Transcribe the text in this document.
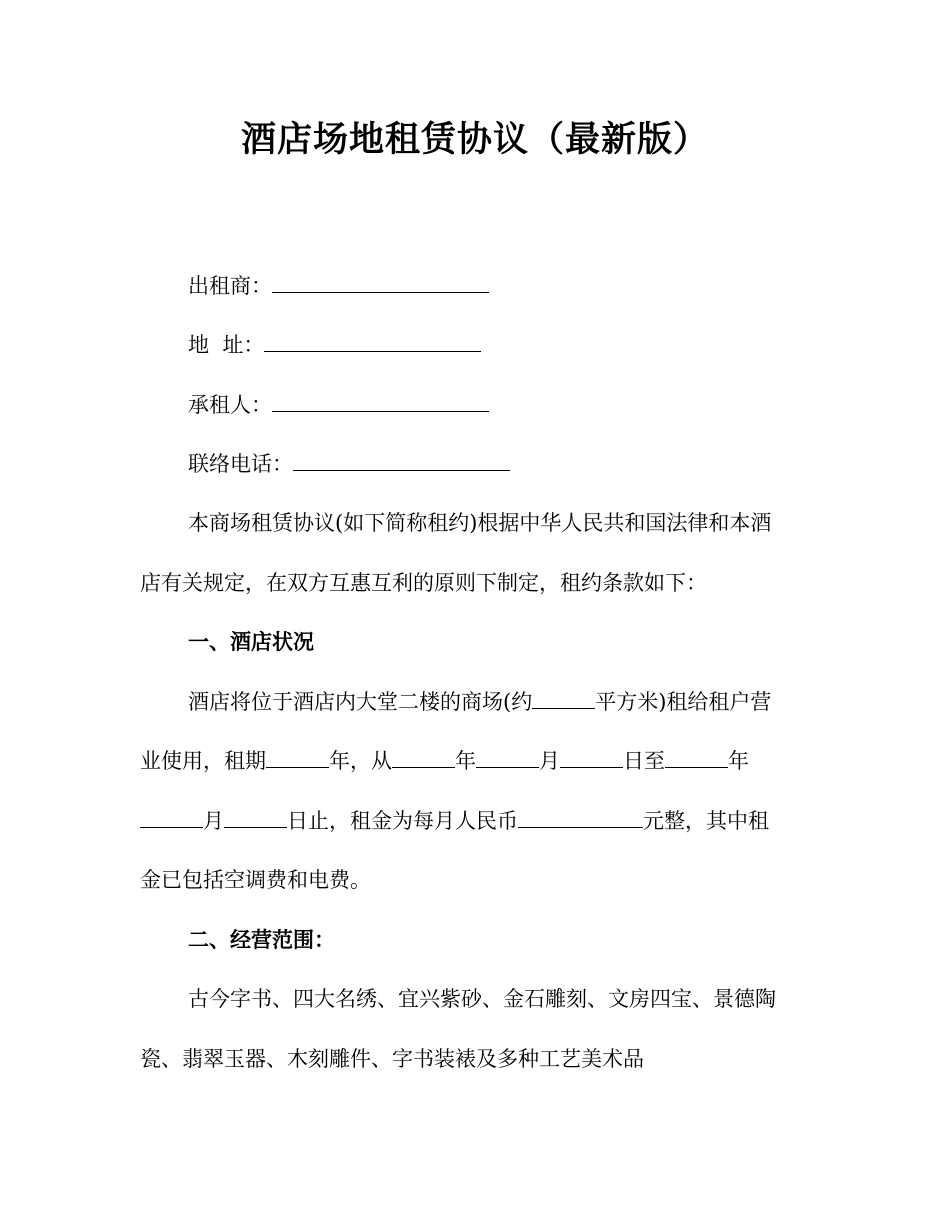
酒店场地租赁协议（最新版）
出租商：
地  址：
承租人：
联络电话：
本商场租赁协议(如下简称租约)根据中华人民共和国法律和本酒
店有关规定，在双方互惠互利的原则下制定，租约条款如下：
一、酒店状况
酒店将位于酒店内大堂二楼的商场(约	平方米)租给租户营
业使用，租期	年，从	年	月	日至	年
月	日止，租金为每月人民币	元整，其中租
金已包括空调费和电费。
二、经营范围：
古今字书、四大名绣、宜兴紫砂、金石雕刻、文房四宝、景德陶
瓷、翡翠玉器、木刻雕件、字书装裱及多种工艺美术品
